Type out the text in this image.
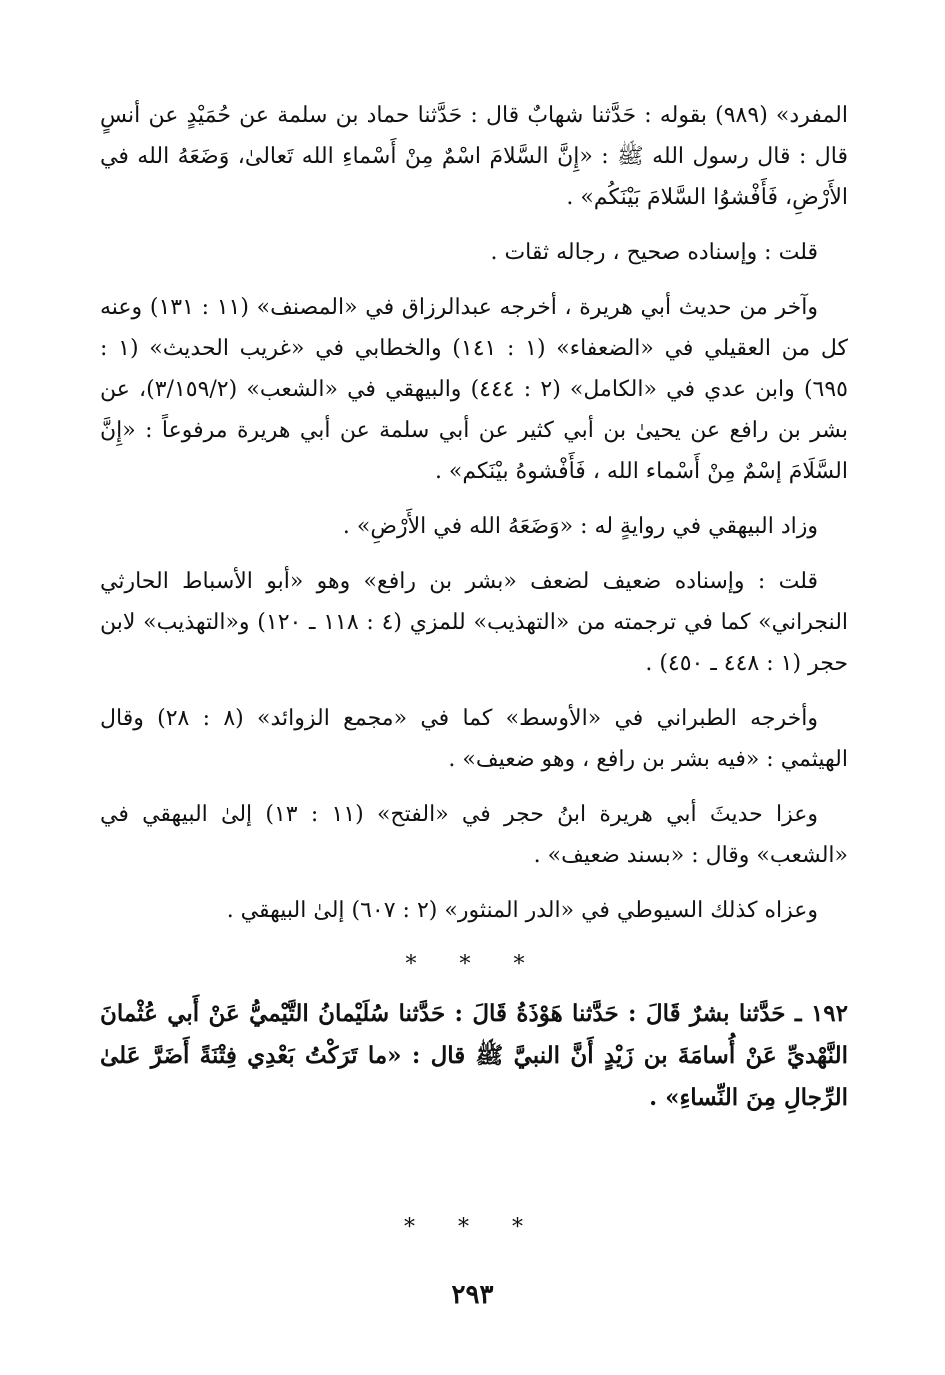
المفرد» (٩٨٩) بقوله : حَدَّثنا شهابٌ قال : حَدَّثنا حماد بن سلمة عن حُمَيْدٍ عن أنسٍ قال : قال رسول الله ﷺ : «إِنَّ السَّلامَ اسْمٌ مِنْ أَسْماءِ الله تَعالىٰ، وَضَعَهُ الله في الأَرْضِ، فَأَفْشوُا السَّلامَ بَيْنَكُم» .

قلت : وإسناده صحيح ، رجاله ثقات .

وآخر من حديث أبي هريرة ، أخرجه عبدالرزاق في «المصنف» (١١ : ١٣١) وعنه كل من العقيلي في «الضعفاء» (١ : ١٤١) والخطابي في «غريب الحديث» (١ : ٦٩٥) وابن عدي في «الكامل» (٢ : ٤٤٤) والبيهقي في «الشعب» (٣/١٥٩/٢)، عن بشر بن رافع عن يحيىٰ بن أبي كثير عن أبي سلمة عن أبي هريرة مرفوعاً : «إِنَّ السَّلَامَ إسْمٌ مِنْ أَسْماء الله ، فَأَفْشوهُ بيْنَكم» .

وزاد البيهقي في روايةٍ له : «وَضَعَهُ الله في الأَرْضِ» .

قلت : وإسناده ضعيف لضعف «بشر بن رافع» وهو «أبو الأسباط الحارثي النجراني» كما في ترجمته من «التهذيب» للمزي (٤ : ١١٨ ـ ١٢٠) و«التهذيب» لابن حجر (١ : ٤٤٨ ـ ٤٥٠) .

وأخرجه الطبراني في «الأوسط» كما في «مجمع الزوائد» (٨ : ٢٨) وقال الهيثمي : «فيه بشر بن رافع ، وهو ضعيف» .

وعزا حديثَ أبي هريرة ابنُ حجر في «الفتح» (١١ : ١٣) إلىٰ البيهقي في «الشعب» وقال : «بسند ضعيف» .

وعزاه كذلك السيوطي في «الدر المنثور» (٢ : ٦٠٧) إلىٰ البيهقي .

* * *

١٩٢ ـ حَدَّثنا بشرٌ قَالَ : حَدَّثنا هَوْذَةُ قَالَ : حَدَّثنا سُلَيْمانُ التَّيْميُّ عَنْ أَبي عُثْمانَ النَّهْديِّ عَنْ أُسامَةَ بن زَيْدٍ أَنَّ النبيَّ ﷺ قال : «ما تَرَكْتُ بَعْدِي فِتْنَةً أَضَرَّ عَلىٰ الرِّجالِ مِنَ النِّساءِ» .

* * *
٢٩٣
